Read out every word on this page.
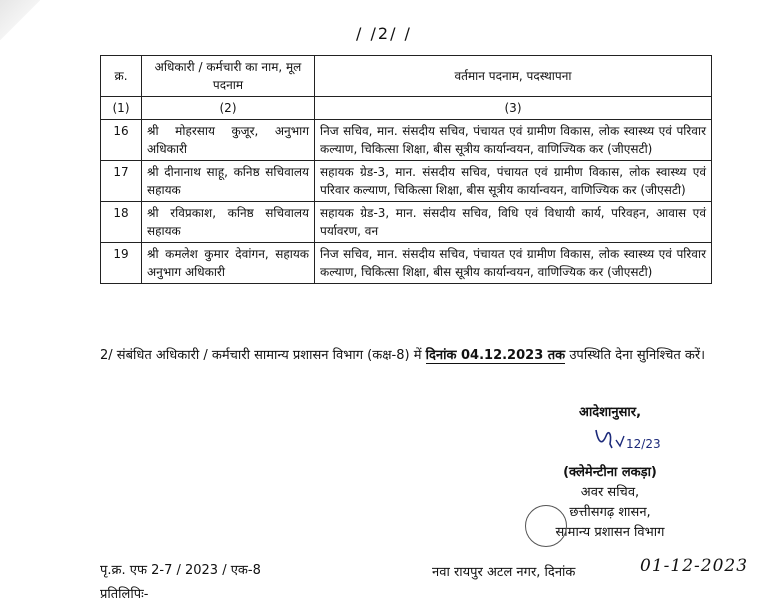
/ /2/ /
क्र.	अधिकारी / कर्मचारी का नाम, मूल पदनाम	वर्तमान पदनाम, पदस्थापना
(1)	(2)	(3)
16	श्री मोहरसाय कुजूर, अनुभाग अधिकारी	निज सचिव, मान. संसदीय सचिव, पंचायत एवं ग्रामीण विकास, लोक स्वास्थ्य एवं परिवार कल्याण, चिकित्सा शिक्षा, बीस सूत्रीय कार्यान्वयन, वाणिज्यिक कर (जीएसटी)
17	श्री दीनानाथ साहू, कनिष्ठ सचिवालय सहायक	सहायक ग्रेड-3, मान. संसदीय सचिव, पंचायत एवं ग्रामीण विकास, लोक स्वास्थ्य एवं परिवार कल्याण, चिकित्सा शिक्षा, बीस सूत्रीय कार्यान्वयन, वाणिज्यिक कर (जीएसटी)
18	श्री रविप्रकाश, कनिष्ठ सचिवालय सहायक	सहायक ग्रेड-3, मान. संसदीय सचिव, विधि एवं विधायी कार्य, परिवहन, आवास एवं पर्यावरण, वन
19	श्री कमलेश कुमार देवांगन, सहायक अनुभाग अधिकारी	निज सचिव, मान. संसदीय सचिव, पंचायत एवं ग्रामीण विकास, लोक स्वास्थ्य एवं परिवार कल्याण, चिकित्सा शिक्षा, बीस सूत्रीय कार्यान्वयन, वाणिज्यिक कर (जीएसटी)
2/ संबंधित अधिकारी / कर्मचारी सामान्य प्रशासन विभाग (कक्ष-8) में दिनांक 04.12.2023 तक उपस्थिति देना सुनिश्चित करें।
आदेशानुसार,
12/23
(क्लेमेन्टीना लकड़ा)
अवर सचिव,
छत्तीसगढ़ शासन,
सामान्य प्रशासन विभाग
पृ.क्र. एफ 2-7 / 2023 / एक-8
प्रतिलिपिः-
नवा रायपुर अटल नगर, दिनांक	01-12-2023
